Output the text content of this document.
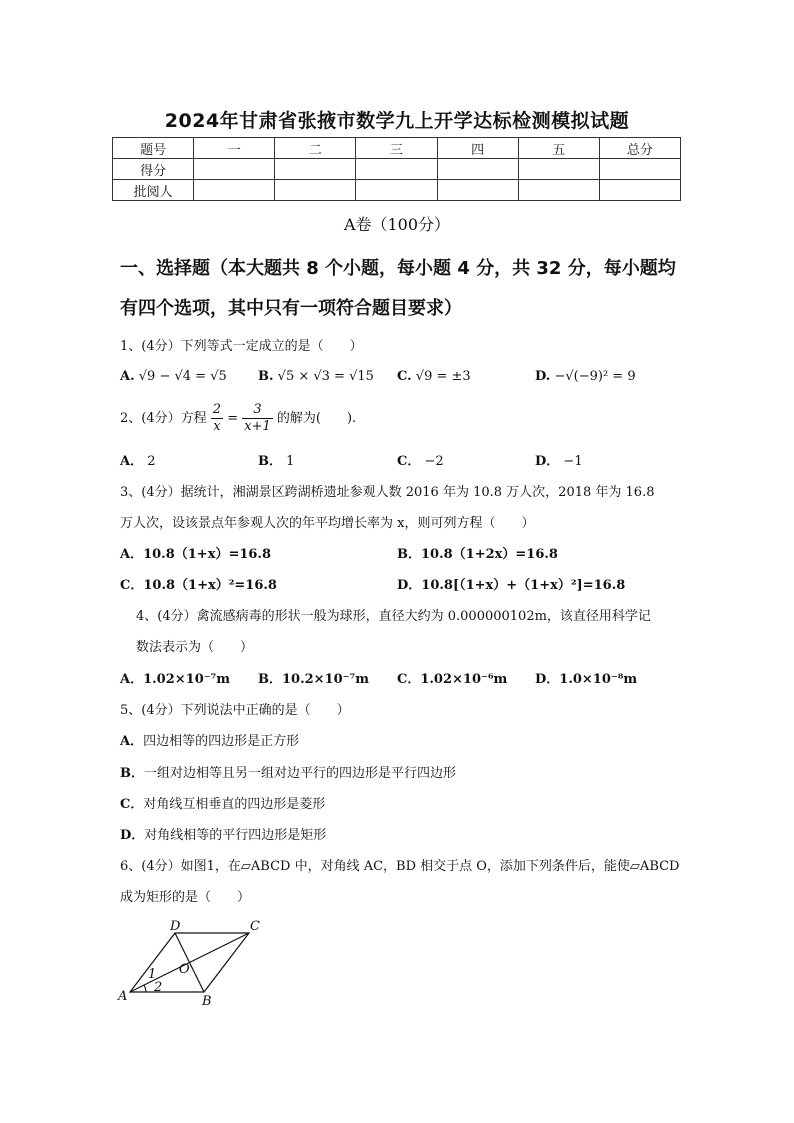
2024年甘肃省张掖市数学九上开学达标检测模拟试题
题号	一	二	三	四	五	总分
得分						
批阅人						
A卷（100分）
一、选择题（本大题共 8 个小题，每小题 4 分，共 32 分，每小题均
有四个选项，其中只有一项符合题目要求）
1、(4分）下列等式一定成立的是（　　）
A. √9 − √4 = √5 B. √5 × √3 = √15 C. √9 = ±3	D. −√(−9)² = 9
2、(4分）方程 $\frac{2}{x} = \frac{3}{x+1}$ 的解为(　　).
A． 2	B． 1	C． −2	D． −1
3、(4分）据统计，湘湖景区跨湖桥遗址参观人数 2016 年为 10.8 万人次，2018 年为 16.8
万人次，设该景点年参观人次的年平均增长率为 x，则可列方程（　　）
A．10.8（1+x）=16.8	B．10.8（1+2x）=16.8
C．10.8（1+x）²=16.8	D．10.8[（1+x）+（1+x）²]=16.8
4、(4分）禽流感病毒的形状一般为球形，直径大约为 0.000000102m，该直径用科学记
数法表示为（　　）
A．1.02×10⁻⁷m B．10.2×10⁻⁷m C．1.02×10⁻⁶m D．1.0×10⁻⁸m
5、(4分）下列说法中正确的是（　　）
A．四边相等的四边形是正方形
B．一组对边相等且另一组对边平行的四边形是平行四边形
C．对角线互相垂直的四边形是菱形
D．对角线相等的平行四边形是矩形
6、(4分）如图1，在▱ABCD 中，对角线 AC，BD 相交于点 O，添加下列条件后，能使▱ABCD
成为矩形的是（　　）
A	B
C
D
O
1
2
